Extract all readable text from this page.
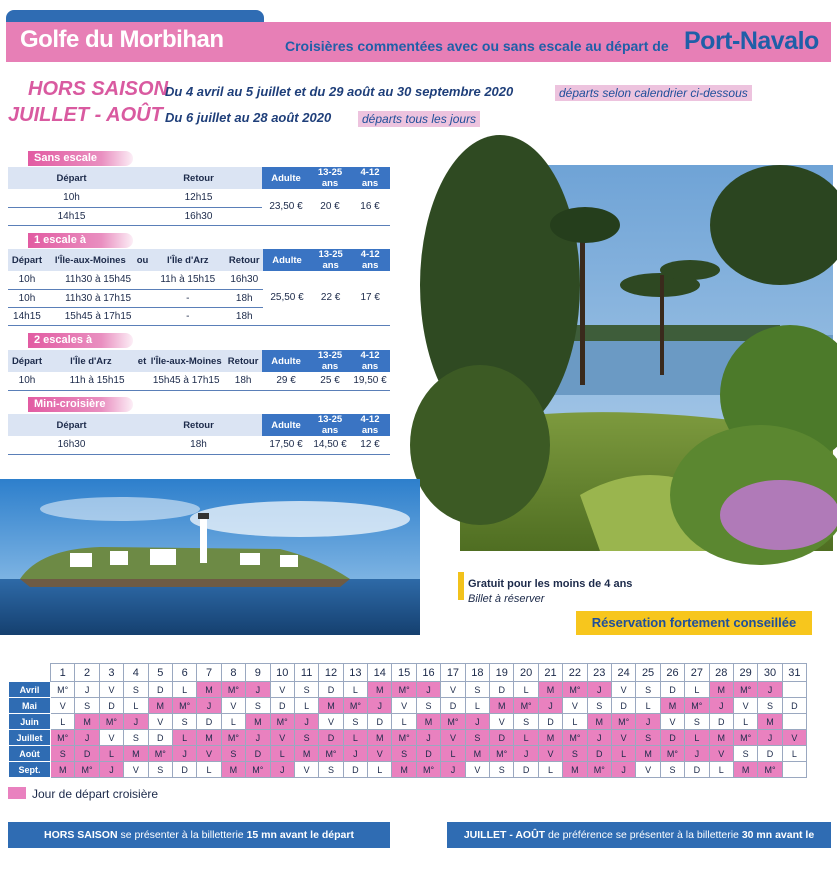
Golfe du Morbihan	Croisières commentées avec ou sans escale au départ de Port-Navalo
HORS SAISON
Du 4 avril au 5 juillet et du 29 août au 30 septembre 2020	départs selon calendrier ci-dessous
JUILLET - AOÛT Du 6 juillet au 28 août 2020	départs tous les jours
Sans escale
Départ	Retour	Adulte	13-25 ans	4-12 ans
10h	12h15	23,50 €	20 €	16 €
14h15	16h30			
1 escale à
Départ	l'Île-aux-Moines	ou	l'Île d'Arz	Retour	Adulte	13-25 ans	4-12 ans
10h	11h30 à 15h45		11h à 15h15	16h30	25,50 €	22 €	17 €
10h	11h30 à 17h15		-	18h			
14h15	15h45 à 17h15		-	18h			
2 escales à
Départ	l'Île d'Arz	et	l'Île-aux-Moines	Retour	Adulte	13-25 ans	4-12 ans
10h	11h à 15h15		15h45 à 17h15	18h	29 €	25 €	19,50 €
Mini-croisière
Départ	Retour	Adulte	13-25 ans	4-12 ans
16h30	18h	17,50 €	14,50 €	12 €
Gratuit pour les moins de 4 ans
Billet à réserver
Réservation fortement conseillée
	1	2	3	4	5	6	7	8	9	10	11	12	13	14	15	16	17	18	19	20	21	22	23	24	25	26	27	28	29	30	31
Avril	M°	J	V	S	D	L	M	M°	J	V	S	D	L	M	M°	J	V	S	D	L	M	M°	J	V	S	D	L	M	M°	J	
Mai	V	S	D	L	M	M°	J	V	S	D	L	M	M°	J	V	S	D	L	M	M°	J	V	S	D	L	M	M°	J	V	S	D
Juin	L	M	M°	J	V	S	D	L	M	M°	J	V	S	D	L	M	M°	J	V	S	D	L	M	M°	J	V	S	D	L	M	
Juillet	M°	J	V	S	D	L	M	M°	J	V	S	D	L	M	M°	J	V	S	D	L	M	M°	J	V	S	D	L	M	M°	J	V
Août	S	D	L	M	M°	J	V	S	D	L	M	M°	J	V	S	D	L	M	M°	J	V	S	D	L	M	M°	J	V	S	D	L
Sept.	M	M°	J	V	S	D	L	M	M°	J	V	S	D	L	M	M°	J	V	S	D	L	M	M°	J	V	S	D	L	M	M°	
Jour de départ croisière
HORS SAISON se présenter à la billetterie 15 mn avant le départ	JUILLET - AOÛT de préférence se présenter à la billetterie 30 mn avant le départ
